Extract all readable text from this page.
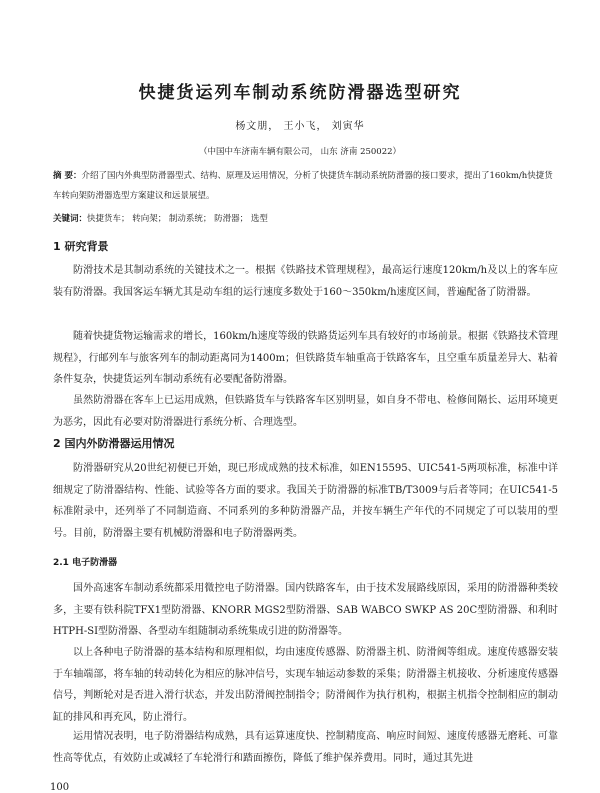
快捷货运列车制动系统防滑器选型研究
杨文朋， 王小飞， 刘寅华
（中国中车济南车辆有限公司， 山东 济南 250022）
摘 要：介绍了国内外典型防滑器型式、结构、原理及运用情况，分析了快捷货车制动系统防滑器的接口要求，提出了160km/h快捷货车转向架防滑器选型方案建议和远景展望。
关键词：快捷货车； 转向架； 制动系统； 防滑器； 选型
1 研究背景

防滑技术是其制动系统的关键技术之一。根据《铁路技术管理规程》，最高运行速度120km/h及以上的客车应装有防滑器。我国客运车辆尤其是动车组的运行速度多数处于160～350km/h速度区间，普遍配备了防滑器。

随着快捷货物运输需求的增长，160km/h速度等级的铁路货运列车具有较好的市场前景。根据《铁路技术管理规程》，行邮列车与旅客列车的制动距离同为1400m；但铁路货车轴重高于铁路客车，且空重车质量差异大、粘着条件复杂，快捷货运列车制动系统有必要配备防滑器。

虽然防滑器在客车上已运用成熟，但铁路货车与铁路客车区别明显，如自身不带电、检修间隔长、运用环境更为恶劣，因此有必要对防滑器进行系统分析、合理选型。

2 国内外防滑器运用情况

防滑器研究从20世纪初便已开始，现已形成成熟的技术标准，如EN15595、UIC541-5两项标准，标准中详细规定了防滑器结构、性能、试验等各方面的要求。我国关于防滑器的标准TB/T3009与后者等同；在UIC541-5标准附录中，还列举了不同制造商、不同系列的多种防滑器产品，并按车辆生产年代的不同规定了可以装用的型号。目前，防滑器主要有机械防滑器和电子防滑器两类。

2.1 电子防滑器

国外高速客车制动系统都采用微控电子防滑器。国内铁路客车，由于技术发展路线原因，采用的防滑器种类较多，主要有铁科院TFX1型防滑器、KNORR MGS2型防滑器、SAB WABCO SWKP AS 20C型防滑器、和利时HTPH-SI型防滑器、各型动车组随制动系统集成引进的防滑器等。

以上各种电子防滑器的基本结构和原理相似，均由速度传感器、防滑器主机、防滑阀等组成。速度传感器安装于车轴端部，将车轴的转动转化为相应的脉冲信号，实现车轴运动参数的采集；防滑器主机接收、分析速度传感器信号，判断轮对是否进入滑行状态，并发出防滑阀控制指令；防滑阀作为执行机构，根据主机指令控制相应的制动缸的排风和再充风，防止滑行。

运用情况表明，电子防滑器结构成熟，具有运算速度快、控制精度高、响应时间短、速度传感器无磨耗、可靠性高等优点，有效防止或减轻了车轮滑行和踏面擦伤，降低了维护保养费用。同时，通过其先进

100
